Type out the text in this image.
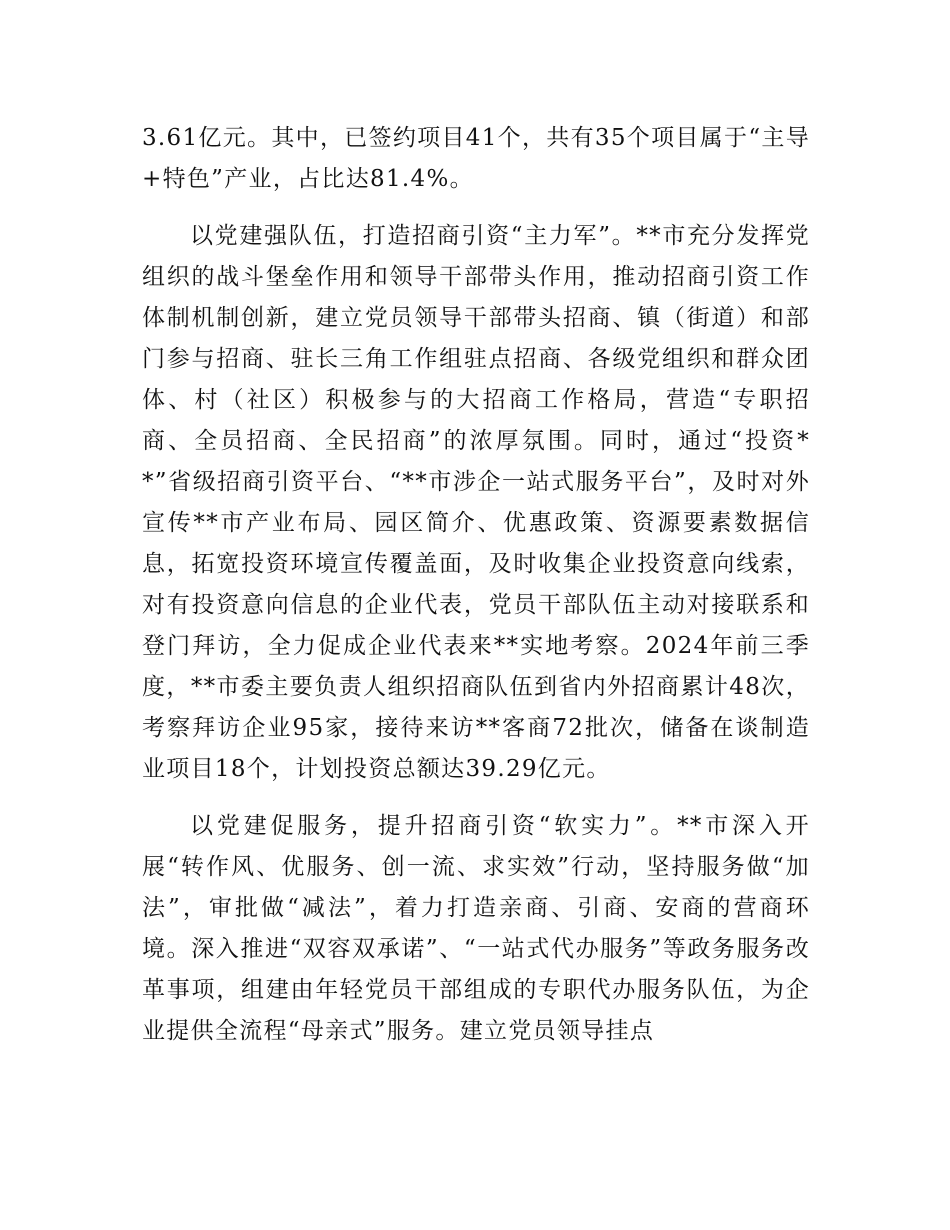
3.61亿元。其中，已签约项目41个，共有35个项目属于“主导+特色”产业，占比达81.4%。

以党建强队伍，打造招商引资“主力军”。**市充分发挥党组织的战斗堡垒作用和领导干部带头作用，推动招商引资工作体制机制创新，建立党员领导干部带头招商、镇（街道）和部门参与招商、驻长三角工作组驻点招商、各级党组织和群众团体、村（社区）积极参与的大招商工作格局，营造“专职招商、全员招商、全民招商”的浓厚氛围。同时，通过“投资**”省级招商引资平台、“**市涉企一站式服务平台”，及时对外宣传**市产业布局、园区简介、优惠政策、资源要素数据信息，拓宽投资环境宣传覆盖面，及时收集企业投资意向线索，对有投资意向信息的企业代表，党员干部队伍主动对接联系和登门拜访，全力促成企业代表来**实地考察。2024年前三季度，**市委主要负责人组织招商队伍到省内外招商累计48次，考察拜访企业95家，接待来访**客商72批次，储备在谈制造业项目18个，计划投资总额达39.29亿元。

以党建促服务，提升招商引资“软实力”。**市深入开展“转作风、优服务、创一流、求实效”行动，坚持服务做“加法”，审批做“减法”，着力打造亲商、引商、安商的营商环境。深入推进“双容双承诺”、“一站式代办服务”等政务服务改革事项，组建由年轻党员干部组成的专职代办服务队伍，为企业提供全流程“母亲式”服务。建立党员领导挂点
